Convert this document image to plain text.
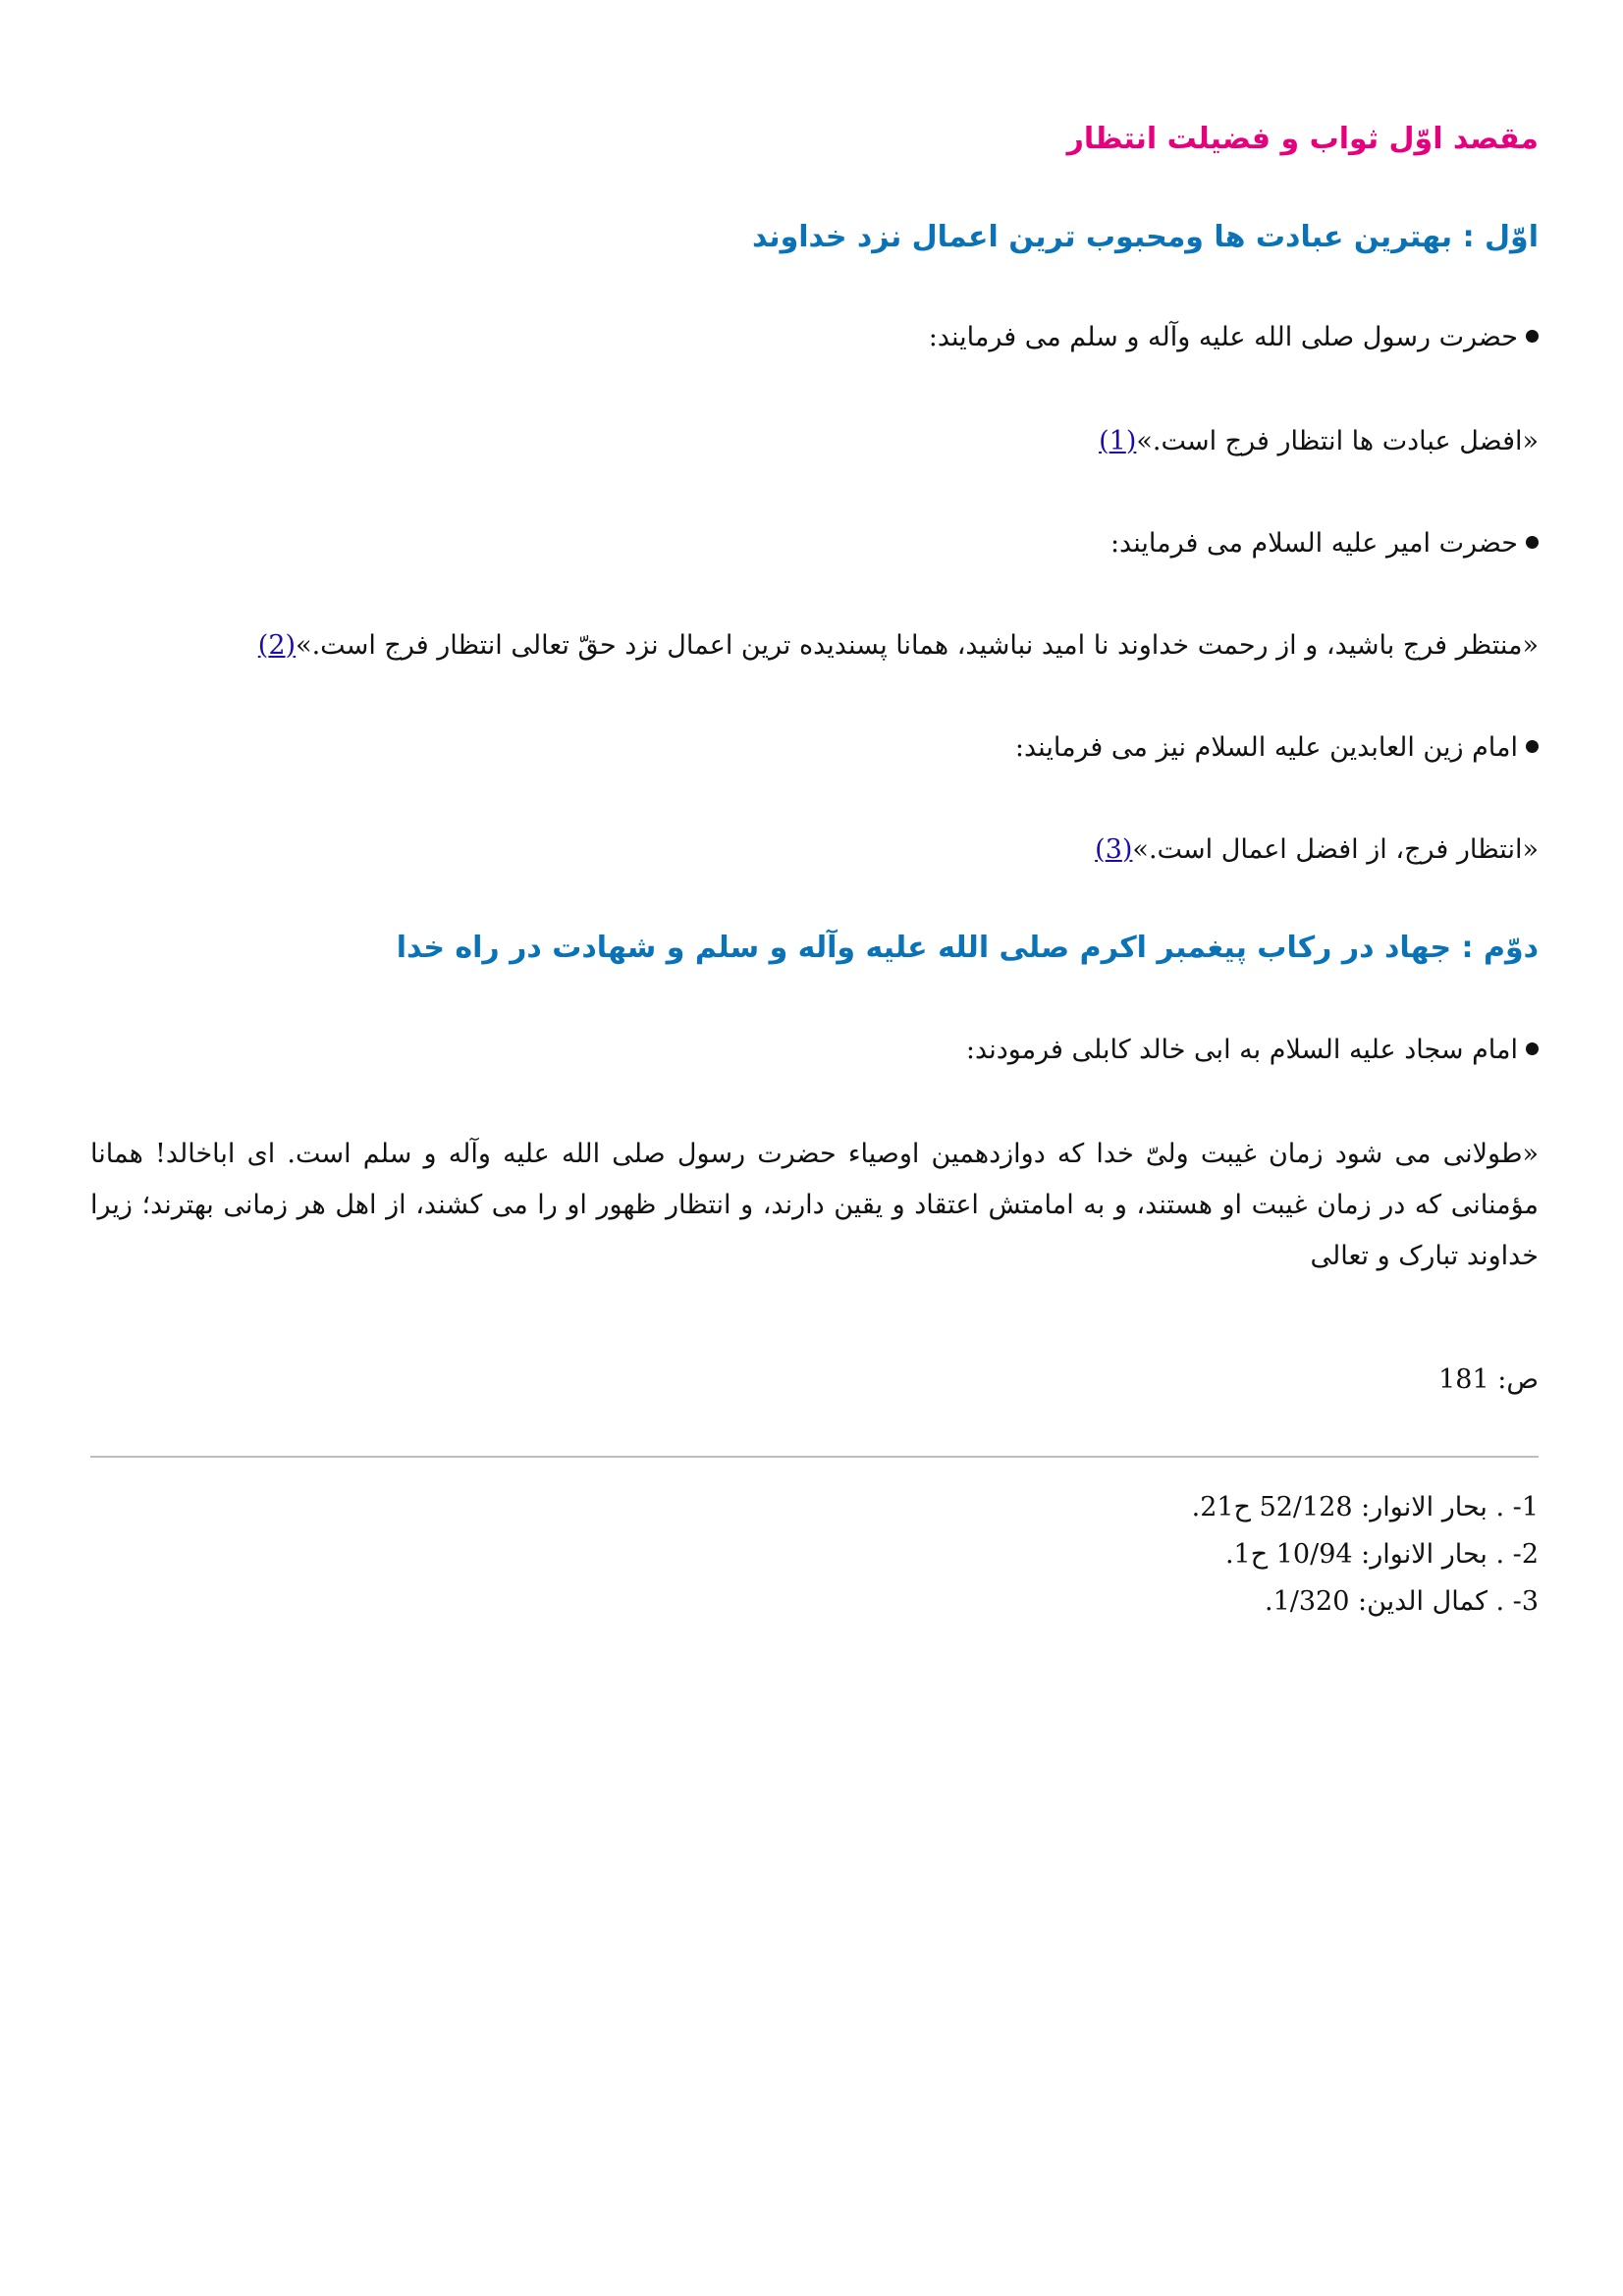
مقصد اوّل ثواب و فضیلت انتظار
اوّل : بهترین عبادت ها ومحبوب ترین اعمال نزد خداوند

حضرت رسول صلی الله علیه وآله و سلم می فرمایند:

«افضل عبادت ها انتظار فرج است.»(1)

حضرت امیر علیه السلام می فرمایند:

«منتظر فرج باشید، و از رحمت خداوند نا امید نباشید، همانا پسندیده ترین اعمال نزد حقّ تعالی انتظار فرج است.»(2)

امام زین العابدین علیه السلام نیز می فرمایند:

«انتظار فرج، از افضل اعمال است.»(3)

دوّم : جهاد در رکاب پیغمبر اکرم صلی الله علیه وآله و سلم و شهادت در راه خدا

امام سجاد علیه السلام به ابی خالد کابلی فرمودند:

«طولانی می شود زمان غیبت ولیّ خدا که دوازدهمین اوصیاء حضرت رسول صلی الله علیه وآله و سلم است. ای اباخالد! همانا مؤمنانی که در زمان غیبت او هستند، و به امامتش اعتقاد و یقین دارند، و انتظار ظهور او را می کشند، از اهل هر زمانی بهترند؛ زیرا خداوند تبارک و تعالی

ص: 181

1- . بحار الانوار: 52/128 ح21.
2- . بحار الانوار: 10/94 ح1.
3- . کمال الدین: 1/320.
